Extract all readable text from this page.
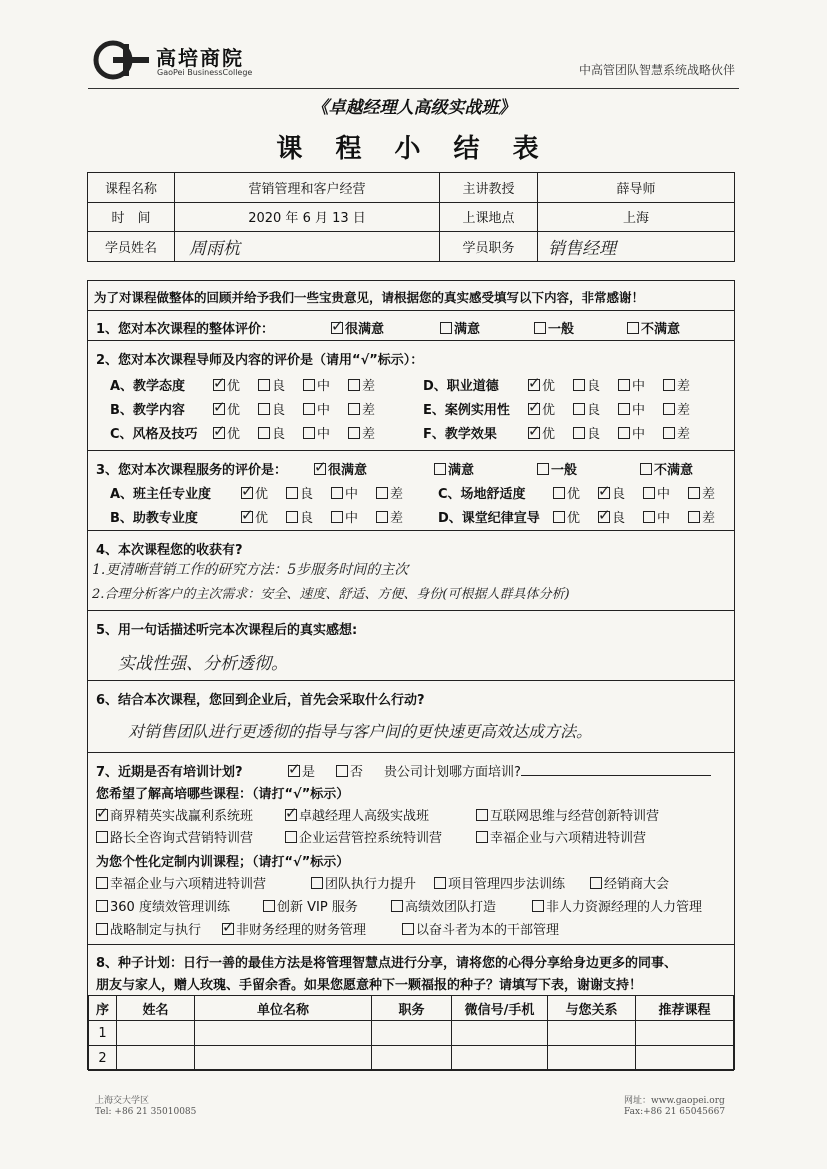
高培商院
GaoPei BusinessCollege	中高管团队智慧系统战略伙伴
《卓越经理人高级实战班》
课 程 小 结 表
课程名称	营销管理和客户经营	主讲教授	薛导师
时　间	2020 年 6 月 13 日	上课地点	上海
学员姓名	周雨杭	学员职务	销售经理
为了对课程做整体的回顾并给予我们一些宝贵意见，请根据您的真实感受填写以下内容，非常感谢！
1、您对本次课程的整体评价： ✓	很满意	满意	一般	不满意
2、您对本次课程导师及内容的评价是（请用“√”标示）：
A、教学态度 ✓	优	良	中	差
B、教学内容 ✓	优	良	中	差
C、风格及技巧 ✓	优	良	中	差
D、职业道德 ✓	优	良	中	差
E、案例实用性 ✓	优	良	中	差
F、教学效果 ✓	优	良	中	差
3、您对本次课程服务的评价是： ✓	很满意	满意	一般	不满意
A、班主任专业度 ✓	优	良	中	差
B、助教专业度 ✓	优	良	中	差
C、场地舒适度	优 ✓	良	中	差
D、课堂纪律宣导	优 ✓	良	中	差
4、本次课程您的收获有?
1.更清晰营销工作的研究方法：5步服务时间的主次
2.合理分析客户的主次需求：安全、速度、舒适、方便、身份(可根据人群具体分析)
5、用一句话描述听完本次课程后的真实感想:
实战性强、分析透彻。
6、结合本次课程，您回到企业后，首先会采取什么行动?
对销售团队进行更透彻的指导与客户间的更快速更高效达成方法。
7、近期是否有培训计划? ✓	是	否 贵公司计划哪方面培训?
您希望了解高培哪些课程：（请打“√”标示）
✓商界精英实战赢利系统班 ✓	卓越经理人高级实战班	互联网思维与经营创新特训营
路长全咨询式营销特训营	企业运营管控系统特训营	幸福企业与六项精进特训营
为您个性化定制内训课程；（请打“√”标示）
幸福企业与六项精进特训营	团队执行力提升	项目管理四步法训练	经销商大会
360 度绩效管理训练	创新 VIP 服务	高绩效团队打造	非人力资源经理的人力管理
战略制定与执行 ✓	非财务经理的财务管理	以奋斗者为本的干部管理
8、种子计划：日行一善的最佳方法是将管理智慧点进行分享，请将您的心得分享给身边更多的同事、
朋友与家人，赠人玫瑰、手留余香。如果您愿意种下一颗福报的种子？请填写下表，谢谢支持！
序	姓名	单位名称	职务	微信号/手机	与您关系	推荐课程
1						
2						
上海交大学区
Tel: +86 21 35010085
网址：www.gaopei.org
Fax:+86 21 65045667
